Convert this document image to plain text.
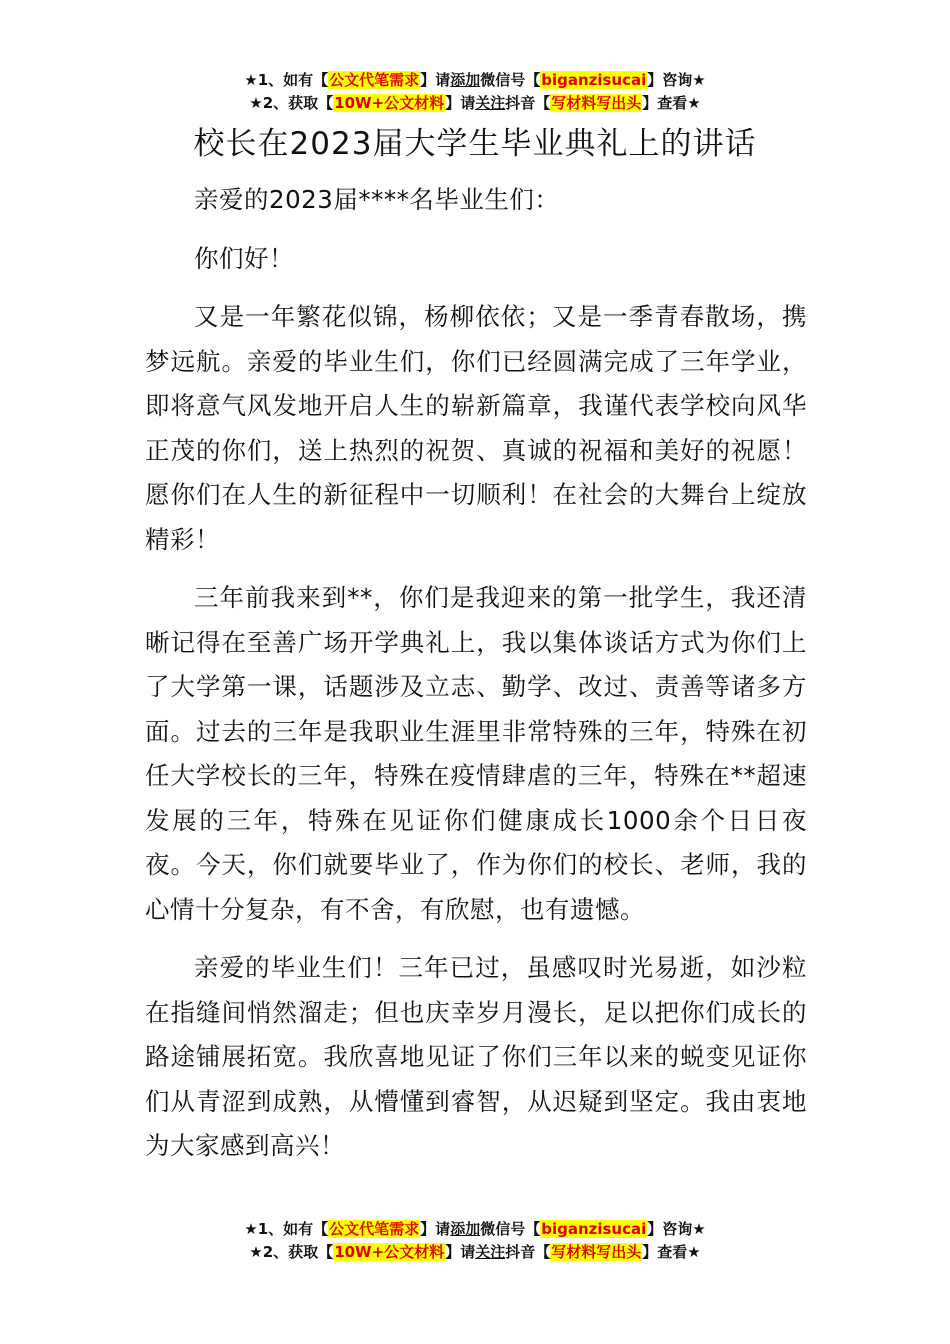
★1、如有【公文代笔需求】请添加微信号【biganzisucai】咨询★
★2、获取【10W+公文材料】请关注抖音【写材料写出头】查看★
校长在2023届大学生毕业典礼上的讲话

亲爱的2023届****名毕业生们：

你们好！

又是一年繁花似锦，杨柳依依；又是一季青春散场，携梦远航。亲爱的毕业生们，你们已经圆满完成了三年学业，即将意气风发地开启人生的崭新篇章，我谨代表学校向风华正茂的你们，送上热烈的祝贺、真诚的祝福和美好的祝愿！愿你们在人生的新征程中一切顺利！在社会的大舞台上绽放精彩！

三年前我来到**，你们是我迎来的第一批学生，我还清晰记得在至善广场开学典礼上，我以集体谈话方式为你们上了大学第一课，话题涉及立志、勤学、改过、责善等诸多方面。过去的三年是我职业生涯里非常特殊的三年，特殊在初任大学校长的三年，特殊在疫情肆虐的三年，特殊在**超速发展的三年，特殊在见证你们健康成长1000余个日日夜夜。今天，你们就要毕业了，作为你们的校长、老师，我的心情十分复杂，有不舍，有欣慰，也有遗憾。

亲爱的毕业生们！三年已过，虽感叹时光易逝，如沙粒在指缝间悄然溜走；但也庆幸岁月漫长，足以把你们成长的路途铺展拓宽。我欣喜地见证了你们三年以来的蜕变见证你们从青涩到成熟，从懵懂到睿智，从迟疑到坚定。我由衷地为大家感到高兴！

★1、如有【公文代笔需求】请添加微信号【biganzisucai】咨询★
★2、获取【10W+公文材料】请关注抖音【写材料写出头】查看★
